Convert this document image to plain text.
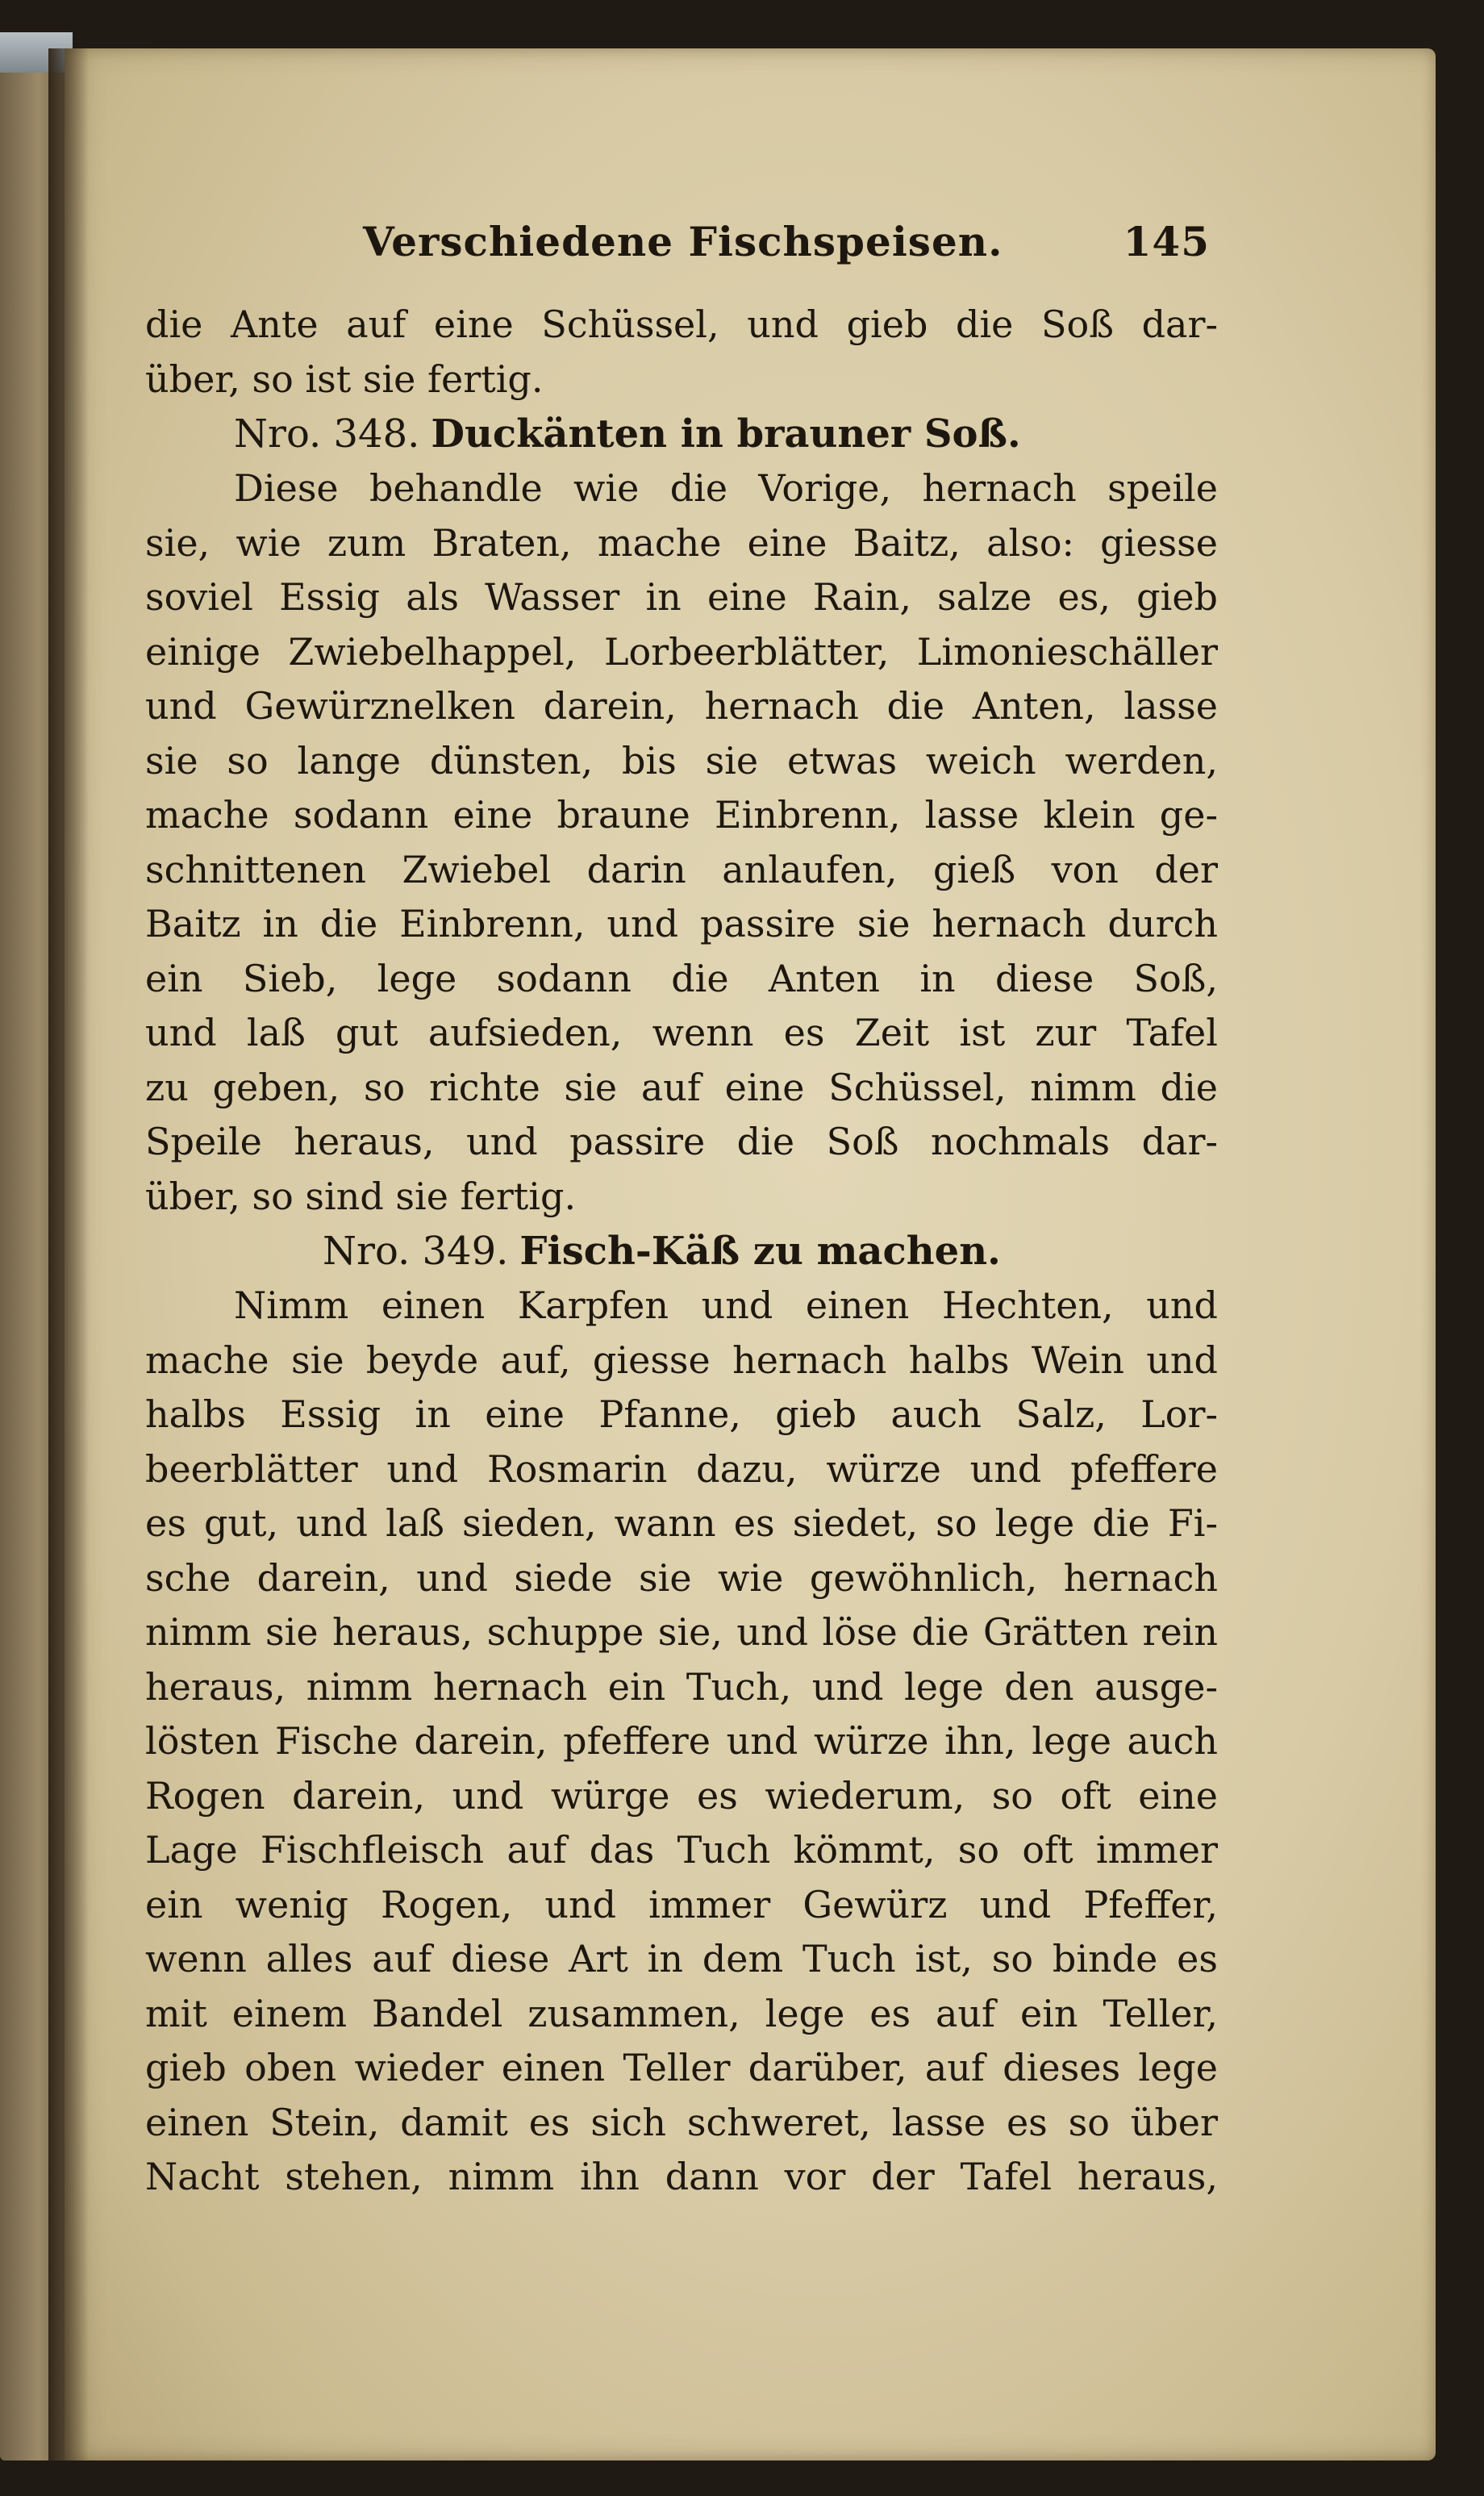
Verschiedene Fischspeisen.	145
die Ante auf eine Schüssel, und gieb die Soß dar-
über, so ist sie fertig.
Nro. 348. Duckänten in brauner Soß.
Diese behandle wie die Vorige, hernach speile
sie, wie zum Braten, mache eine Baitz, also: giesse
soviel Essig als Wasser in eine Rain, salze es, gieb
einige Zwiebelhappel, Lorbeerblätter, Limonieschäller
und Gewürznelken darein, hernach die Anten, lasse
sie so lange dünsten, bis sie etwas weich werden,
mache sodann eine braune Einbrenn, lasse klein ge-
schnittenen Zwiebel darin anlaufen, gieß von der
Baitz in die Einbrenn, und passire sie hernach durch
ein Sieb, lege sodann die Anten in diese Soß,
und laß gut aufsieden, wenn es Zeit ist zur Tafel
zu geben, so richte sie auf eine Schüssel, nimm die
Speile heraus, und passire die Soß nochmals dar-
über, so sind sie fertig.
Nro. 349. Fisch-Käß zu machen.
Nimm einen Karpfen und einen Hechten, und
mache sie beyde auf, giesse hernach halbs Wein und
halbs Essig in eine Pfanne, gieb auch Salz, Lor-
beerblätter und Rosmarin dazu, würze und pfeffere
es gut, und laß sieden, wann es siedet, so lege die Fi-
sche darein, und siede sie wie gewöhnlich, hernach
nimm sie heraus, schuppe sie, und löse die Grätten rein
heraus, nimm hernach ein Tuch, und lege den ausge-
lösten Fische darein, pfeffere und würze ihn, lege auch
Rogen darein, und würge es wiederum, so oft eine
Lage Fischfleisch auf das Tuch kömmt, so oft immer
ein wenig Rogen, und immer Gewürz und Pfeffer,
wenn alles auf diese Art in dem Tuch ist, so binde es
mit einem Bandel zusammen, lege es auf ein Teller,
gieb oben wieder einen Teller darüber, auf dieses lege
einen Stein, damit es sich schweret, lasse es so über
Nacht stehen, nimm ihn dann vor der Tafel heraus,
